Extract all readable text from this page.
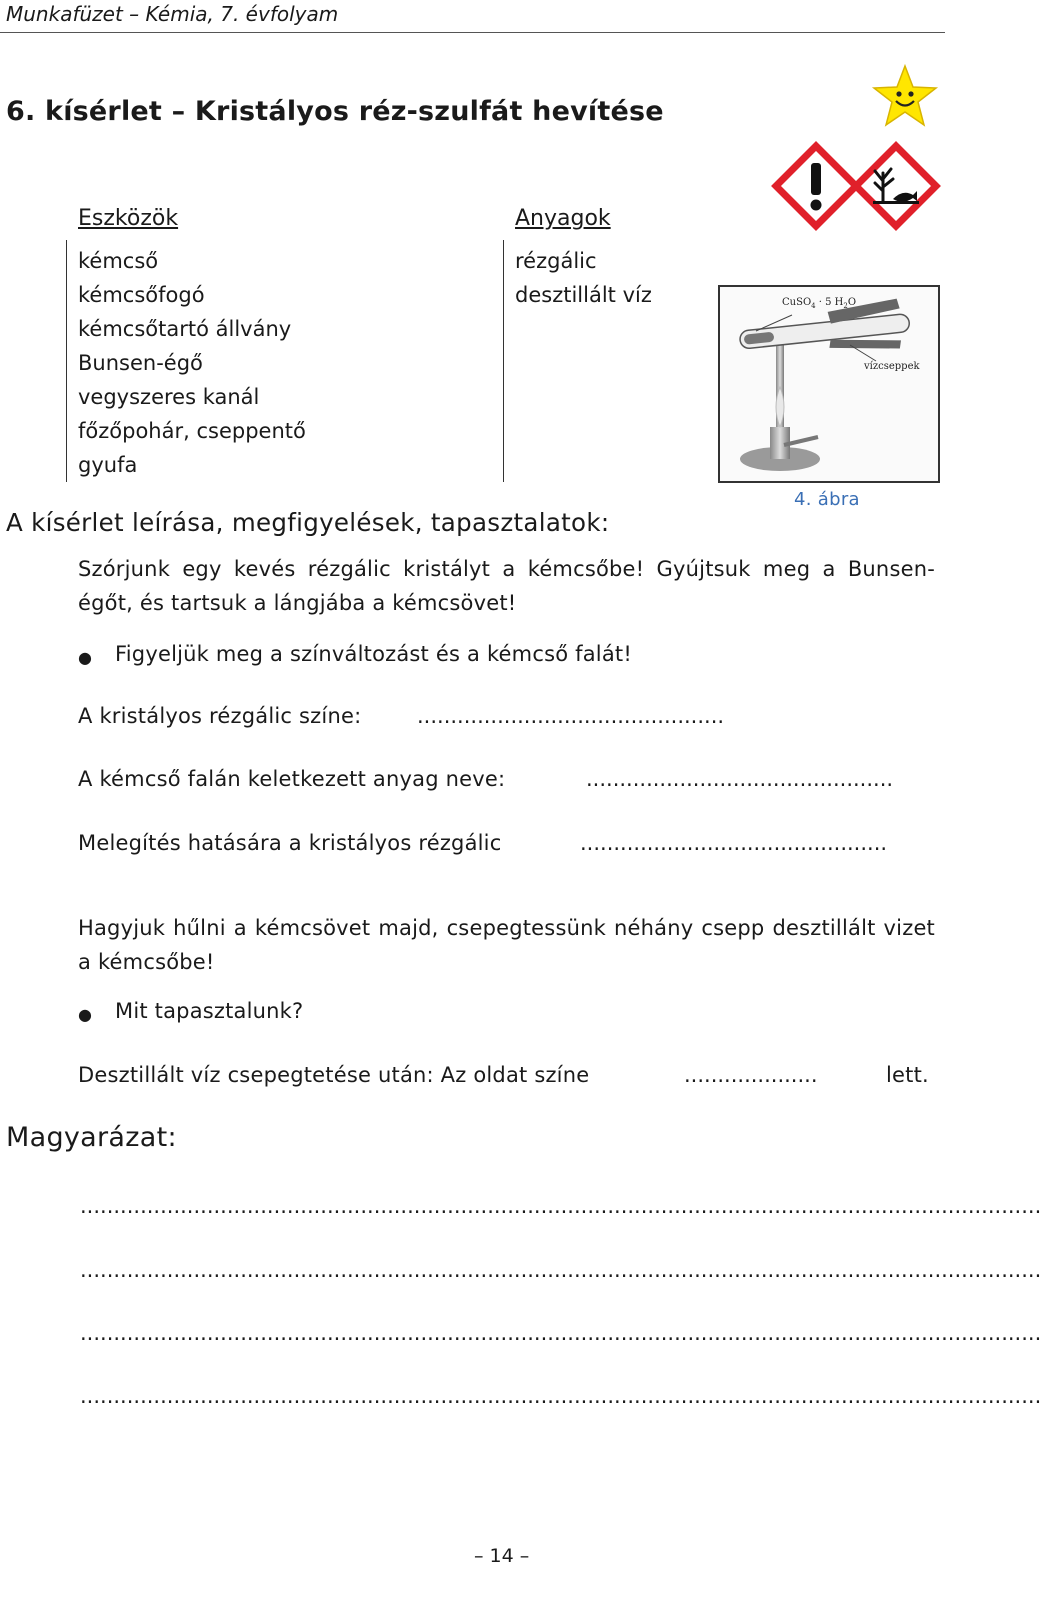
Munkafüzet – Kémia, 7. évfolyam
6. kísérlet – Kristályos réz-szulfát hevítése
Eszközök
kémcső
kémcsőfogó
kémcsőtartó állvány
Bunsen-égő
vegyszeres kanál
főzőpohár, cseppentő
gyufa
Anyagok
rézgálic
desztillált víz	CuSO$_4$ · 5 $H_2O$
vízcseppek
4. ábra
A kísérlet leírása, megfigyelések, tapasztalatok:
Szórjunk egy kevés rézgálic kristályt a kémcsőbe! Gyújtsuk meg a Bunsen-égőt, és tartsuk a lángjába a kémcsövet!
● Figyeljük meg a színváltozást és a kémcső falát!
A kristályos rézgálic színe:	..............................................
A kémcső falán keletkezett anyag neve:	..............................................
Melegítés hatására a kristályos rézgálic	..............................................
Hagyjuk hűlni a kémcsövet majd, csepegtessünk néhány csepp desztillált vizet a kémcsőbe!
● Mit tapasztalunk?
Desztillált víz csepegtetése után: Az oldat színe	....................	lett.
Magyarázat:
................................................................................................................................................
................................................................................................................................................
................................................................................................................................................
................................................................................................................................................
– 14 –
